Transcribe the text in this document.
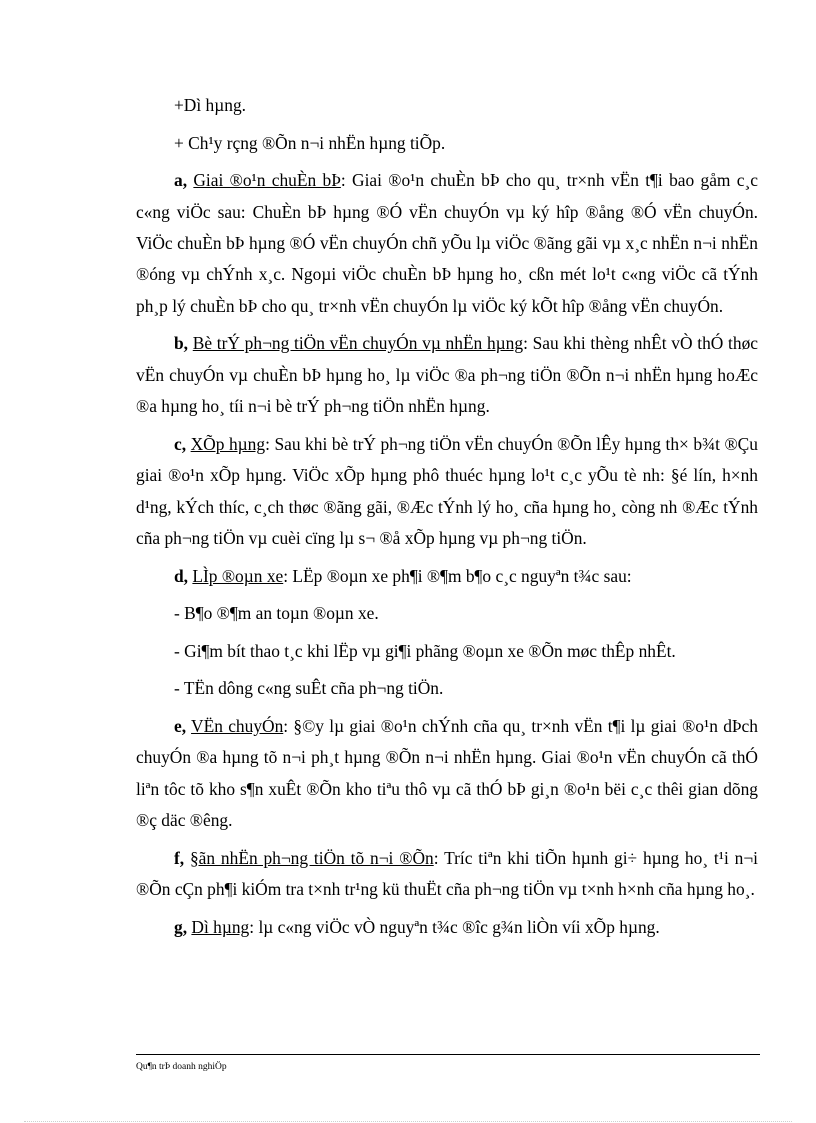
+Dì hµng.

+ Ch¹y rçng ®Õn n¬i nhËn hµng tiÕp.

a, Giai ®o¹n chuÈn bÞ: Giai ®o¹n chuÈn bÞ cho qu¸ tr×nh vËn t¶i bao gåm c¸c c«ng viÖc sau: ChuÈn bÞ hµng ®Ó vËn chuyÓn vµ ký hîp ®ång ®Ó vËn chuyÓn. ViÖc chuÈn bÞ hµng ®Ó vËn chuyÓn chñ yÕu lµ viÖc ®ãng gãi vµ x¸c nhËn n¬i nhËn ®óng vµ chÝnh x¸c. Ngoµi viÖc chuÈn bÞ hµng ho¸ cßn mét lo¹t c«ng viÖc cã tÝnh ph¸p lý chuÈn bÞ cho qu¸ tr×nh vËn chuyÓn lµ viÖc ký kÕt hîp ®ång vËn chuyÓn.

b, Bè trÝ ph¬ng tiÖn vËn chuyÓn vµ nhËn hµng: Sau khi thèng nhÊt vÒ thÓ thøc vËn chuyÓn vµ chuÈn bÞ hµng ho¸ lµ viÖc ®a ph¬ng tiÖn ®Õn n¬i nhËn hµng hoÆc ®a hµng ho¸ tíi n¬i bè trÝ ph¬ng tiÖn nhËn hµng.

c, XÕp hµng: Sau khi bè trÝ ph¬ng tiÖn vËn chuyÓn ®Õn lÊy hµng th× b¾t ®Çu giai ®o¹n xÕp hµng. ViÖc xÕp hµng phô thuéc hµng lo¹t c¸c yÕu tè nh: §é lín, h×nh d¹ng, kÝch thíc, c¸ch thøc ®ãng gãi, ®Æc tÝnh lý ho¸ cña hµng ho¸ còng nh ®Æc tÝnh cña ph¬ng tiÖn vµ cuèi cïng lµ s¬ ®å xÕp hµng vµ ph¬ng tiÖn.

d, LÌp ®oµn xe: LËp ®oµn xe ph¶i ®¶m b¶o c¸c nguyªn t¾c sau:

- B¶o ®¶m an toµn ®oµn xe.

- Gi¶m bít thao t¸c khi lËp vµ gi¶i phãng ®oµn xe ®Õn møc thÊp nhÊt.

- TËn dông c«ng suÊt cña ph¬ng tiÖn.

e, VËn chuyÓn: §©y lµ giai ®o¹n chÝnh cña qu¸ tr×nh vËn t¶i lµ giai ®o¹n dÞch chuyÓn ®a hµng tõ n¬i ph¸t hµng ®Õn n¬i nhËn hµng. Giai ®o¹n vËn chuyÓn cã thÓ liªn tôc tõ kho s¶n xuÊt ®Õn kho tiªu thô vµ cã thÓ bÞ gi¸n ®o¹n bëi c¸c thêi gian dõng ®ç däc ®êng.

f, §ãn nhËn ph¬ng tiÖn tõ n¬i ®Õn: Tríc tiªn khi tiÕn hµnh gi÷ hµng ho¸ t¹i n¬i ®Õn cÇn ph¶i kiÓm tra t×nh tr¹ng kü thuËt cña ph¬ng tiÖn vµ t×nh h×nh cña hµng ho¸.

g, Dì hµng: lµ c«ng viÖc vÒ nguyªn t¾c ®îc g¾n liÒn víi xÕp hµng.

Qu¶n trÞ doanh nghiÖp
